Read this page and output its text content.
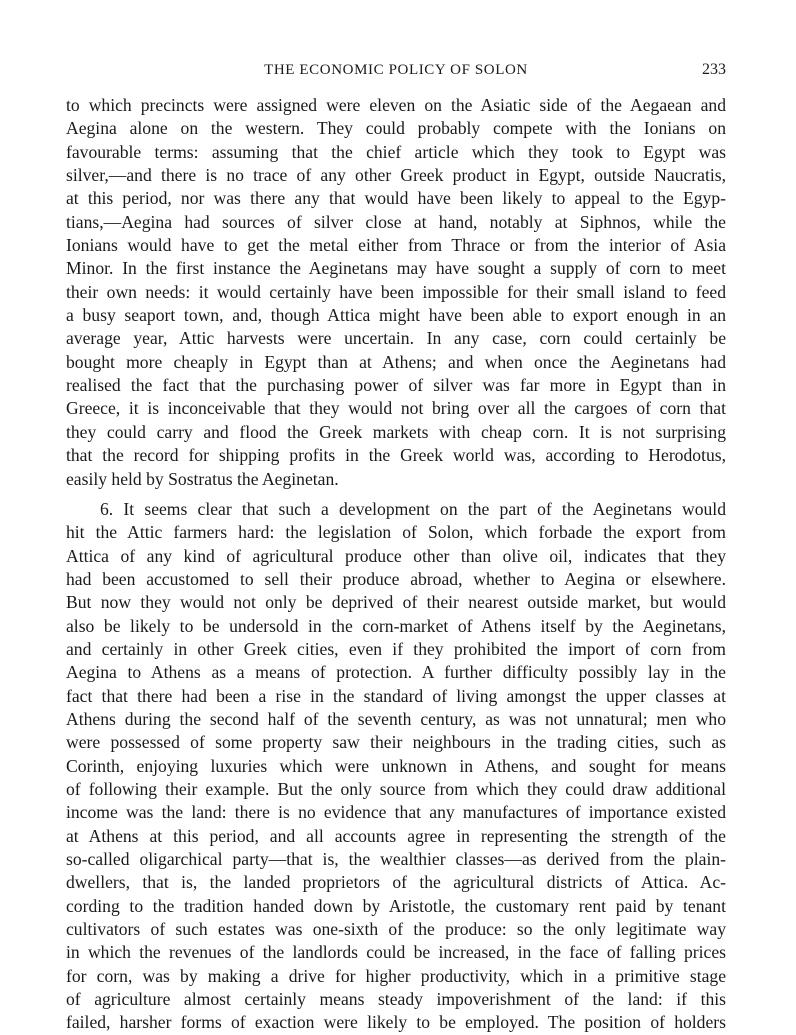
THE ECONOMIC POLICY OF SOLON	233
to which precincts were assigned were eleven on the Asiatic side of the Aegaean and
Aegina alone on the western. They could probably compete with the Ionians on
favourable terms: assuming that the chief article which they took to Egypt was
silver,—and there is no trace of any other Greek product in Egypt, outside Naucratis,
at this period, nor was there any that would have been likely to appeal to the Egyp-
tians,—Aegina had sources of silver close at hand, notably at Siphnos, while the
Ionians would have to get the metal either from Thrace or from the interior of Asia
Minor. In the first instance the Aeginetans may have sought a supply of corn to meet
their own needs: it would certainly have been impossible for their small island to feed
a busy seaport town, and, though Attica might have been able to export enough in an
average year, Attic harvests were uncertain. In any case, corn could certainly be
bought more cheaply in Egypt than at Athens; and when once the Aeginetans had
realised the fact that the purchasing power of silver was far more in Egypt than in
Greece, it is inconceivable that they would not bring over all the cargoes of corn that
they could carry and flood the Greek markets with cheap corn. It is not surprising
that the record for shipping profits in the Greek world was, according to Herodotus,
easily held by Sostratus the Aeginetan.
6. It seems clear that such a development on the part of the Aeginetans would
hit the Attic farmers hard: the legislation of Solon, which forbade the export from
Attica of any kind of agricultural produce other than olive oil, indicates that they
had been accustomed to sell their produce abroad, whether to Aegina or elsewhere.
But now they would not only be deprived of their nearest outside market, but would
also be likely to be undersold in the corn-market of Athens itself by the Aeginetans,
and certainly in other Greek cities, even if they prohibited the import of corn from
Aegina to Athens as a means of protection. A further difficulty possibly lay in the
fact that there had been a rise in the standard of living amongst the upper classes at
Athens during the second half of the seventh century, as was not unnatural; men who
were possessed of some property saw their neighbours in the trading cities, such as
Corinth, enjoying luxuries which were unknown in Athens, and sought for means
of following their example. But the only source from which they could draw additional
income was the land: there is no evidence that any manufactures of importance existed
at Athens at this period, and all accounts agree in representing the strength of the
so-called oligarchical party—that is, the wealthier classes—as derived from the plain-
dwellers, that is, the landed proprietors of the agricultural districts of Attica. Ac-
cording to the tradition handed down by Aristotle, the customary rent paid by tenant
cultivators of such estates was one-sixth of the produce: so the only legitimate way
in which the revenues of the landlords could be increased, in the face of falling prices
for corn, was by making a drive for higher productivity, which in a primitive stage
of agriculture almost certainly means steady impoverishment of the land: if this
failed, harsher forms of exaction were likely to be employed. The position of holders
